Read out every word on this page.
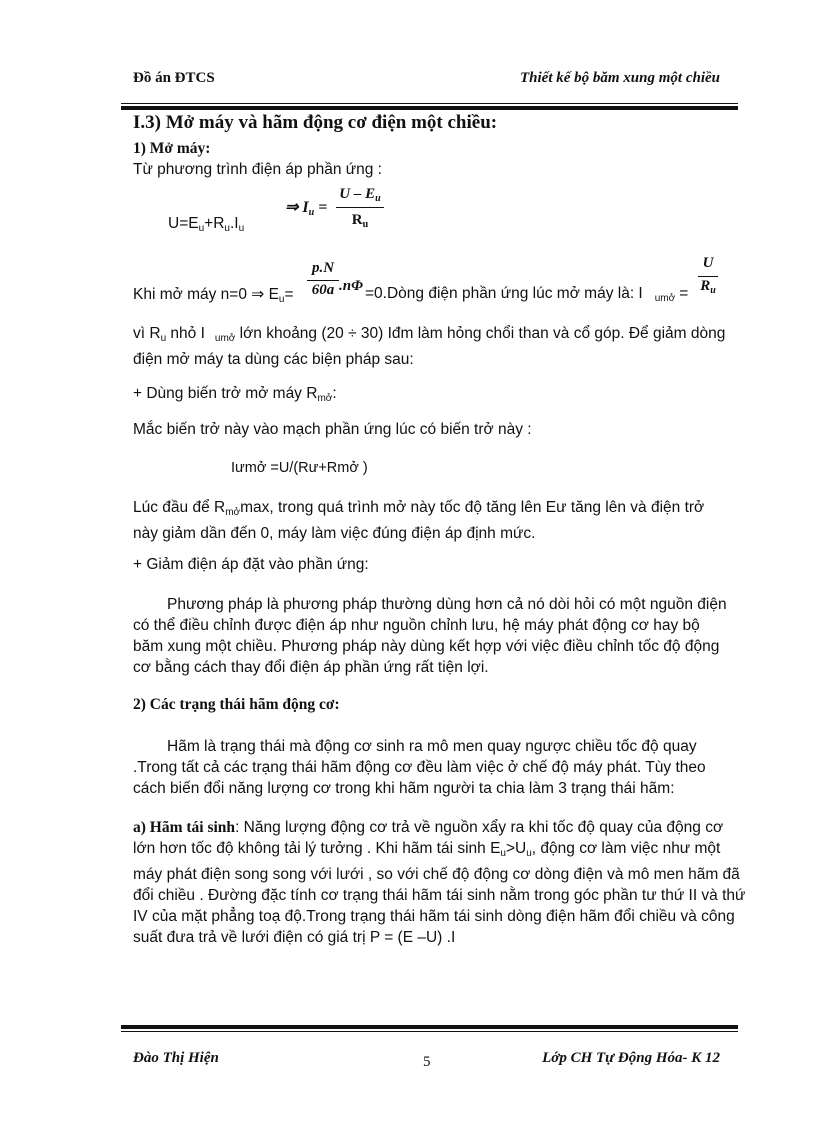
Đồ án ĐTCS	Thiết kế bộ băm xung một chiều
I.3) Mở máy và hãm động cơ điện một chiều:
1) Mở máy:
Từ phương trình điện áp phần ứng :
⇒ $I_u$ =
U – $E_u$
$R_u$
$U=E_u+R_u.I_u$
Khi mở máy n=0 ⇒ $E_u=$
p.N
60a .nΦ =0.Dòng điện phần ứng lúc mở máy là: I $_{umở}$ =
U
$R_u$
vì $R_u$ nhỏ I $_{umở}$ lớn khoảng (20 ÷ 30) Iđm làm hỏng chổi than và cổ góp. Để giảm dòng điện mở máy ta dùng các biện pháp sau:
+ Dùng biến trở mở máy $R_{mở}$:
Mắc biến trở này vào mạch phần ứng lúc có biến trở này :
Iưmở =U/(Rư+Rmở )
Lúc đầu để $R_{mở}\max$, trong quá trình mở này tốc độ tăng lên Eư tăng lên và điện trở này giảm dần đến 0, máy làm việc đúng điện áp định mức.
+ Giảm điện áp đặt vào phần ứng:
Phương pháp là phương pháp thường dùng hơn cả nó dòi hỏi có một nguồn điện có thể điều chỉnh được điện áp như nguồn chỉnh lưu, hệ máy phát động cơ hay bộ băm xung một chiều. Phương pháp này dùng kết hợp với việc điều chỉnh tốc độ động cơ bằng cách thay đổi điện áp phần ứng rất tiện lợi.
2) Các trạng thái hãm động cơ:
Hãm là trạng thái mà động cơ sinh ra mô men quay ngược chiều tốc độ quay .Trong tất cả các trạng thái hãm động cơ đều làm việc ở chế độ máy phát. Tùy theo cách biến đổi năng lượng cơ trong khi hãm người ta chia làm 3 trạng thái hãm:
a) Hãm tái sinh: Năng lượng động cơ trả về nguồn xẩy ra khi tốc độ quay của động cơ lớn hơn tốc độ không tải lý tưởng . Khi hãm tái $\sinh E_u>U_u$, động cơ làm việc như một máy phát điện song song với lưới , so với chế độ động cơ dòng điện và mô men hãm đã đổi chiều . Đường đặc tính cơ trạng thái hãm tái sinh nằm trong góc phần tư thứ II và thứ IV của mặt phẳng toạ độ.Trong trạng thái hãm tái sinh dòng điện hãm đổi chiều và công suất đưa trả về lưới điện có giá trị P = (E –U) .I
Đào Thị Hiện	5	Lớp CH Tự Động Hóa- K 12
